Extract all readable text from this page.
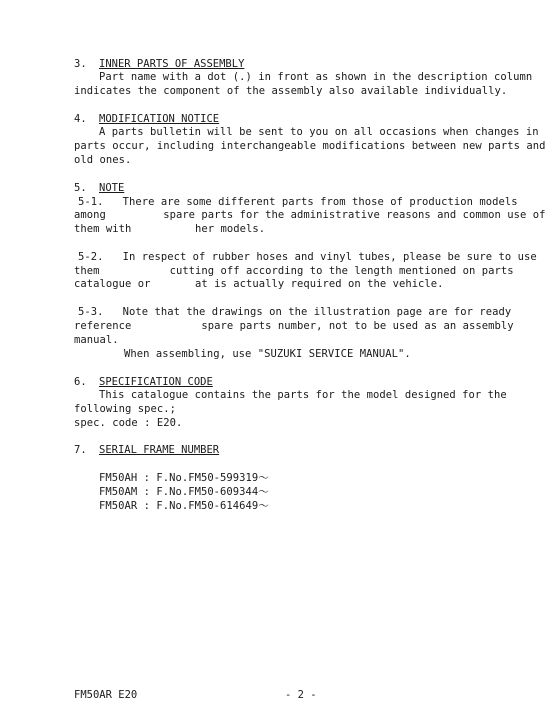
3. INNER PARTS OF ASSEMBLY
Part name with a dot (.) in front as shown in the description column
indicates the component of the assembly also available individually.
4. MODIFICATION NOTICE
A parts bulletin will be sent to you on all occasions when changes in
parts occur, including interchangeable modifications between new parts and
old ones.
5. NOTE
5-1.   There are some different parts from those of production models
among         spare parts for the administrative reasons and common use of
them with          her models.
5-2.   In respect of rubber hoses and vinyl tubes, please be sure to use
them           cutting off according to the length mentioned on parts
catalogue or       at is actually required on the vehicle.
5-3.   Note that the drawings on the illustration page are for ready
reference           spare parts number, not to be used as an assembly
manual.
When assembling, use "SUZUKI SERVICE MANUAL".
6. SPECIFICATION CODE
This catalogue contains the parts for the model designed for the
following spec.;
spec. code : E20.
7. SERIAL FRAME NUMBER
FM50AH : F.No.FM50-599319～
FM50AM : F.No.FM50-609344～
FM50AR : F.No.FM50-614649～
FM50AR E20	- 2 -
